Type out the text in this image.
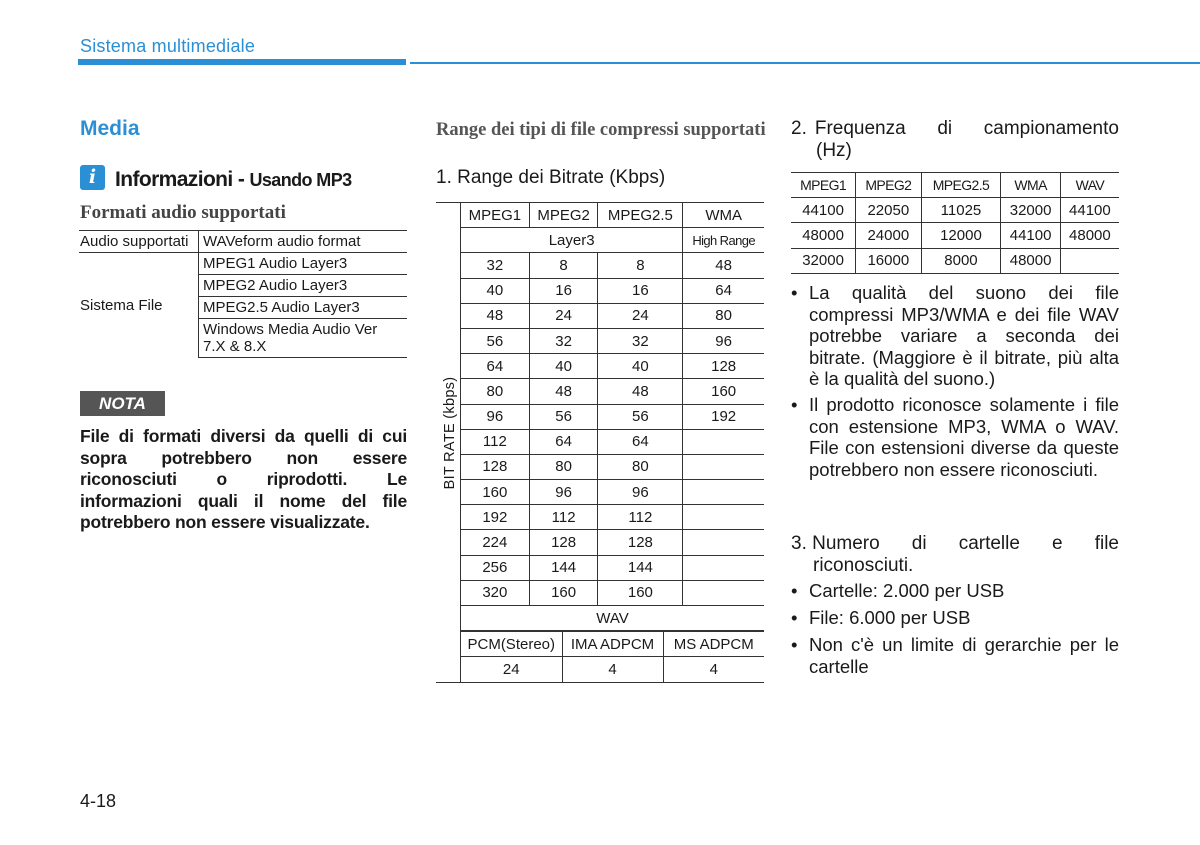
Sistema multimediale
Media
i Informazioni - Usando MP3
Formati audio supportati
Audio supportati	WAVeform audio format
Sistema File	MPEG1 Audio Layer3
	MPEG2 Audio Layer3
	MPEG2.5 Audio Layer3
	Windows Media Audio Ver 7.X & 8.X
NOTA
File di formati diversi da quelli di cui sopra potrebbero non essere riconosciuti o riprodotti. Le informazioni quali il nome del file potrebbero non essere visualizzate.
Range dei tipi di file compressi supportati
1. Range dei Bitrate (Kbps)
BIT RATE (kbps)
	MPEG1	MPEG2	MPEG2.5	WMA
	Layer3	High Range
	32	8	8	48
	40	16	16	64
	48	24	24	80
	56	32	32	96
	64	40	40	128
	80	48	48	160
	96	56	56	192
	112	64	64	
	128	80	80	
	160	96	96	
	192	112	112	
	224	128	128	
	256	144	144	
	320	160	160	
	WAV

PCM(Stereo)	IMA ADPCM	MS ADPCM
24	4	4
2. Frequenza di campionamento
(Hz)
MPEG1	MPEG2	MPEG2.5	WMA	WAV
44100	22050	11025	32000	44100
48000	24000	12000	44100	48000
32000	16000	8000	48000	
• La qualità del suono dei file compressi MP3/WMA e dei file WAV potrebbe variare a seconda dei bitrate. (Maggiore è il bitrate, più alta è la qualità del suono.)
• Il prodotto riconosce solamente i file con estensione MP3, WMA o WAV. File con estensioni diverse da queste potrebbero non essere riconosciuti.
3. Numero di cartelle e file
riconosciuti.
• Cartelle: 2.000 per USB
• File: 6.000 per USB
• Non c'è un limite di gerarchie per le cartelle
4-18
